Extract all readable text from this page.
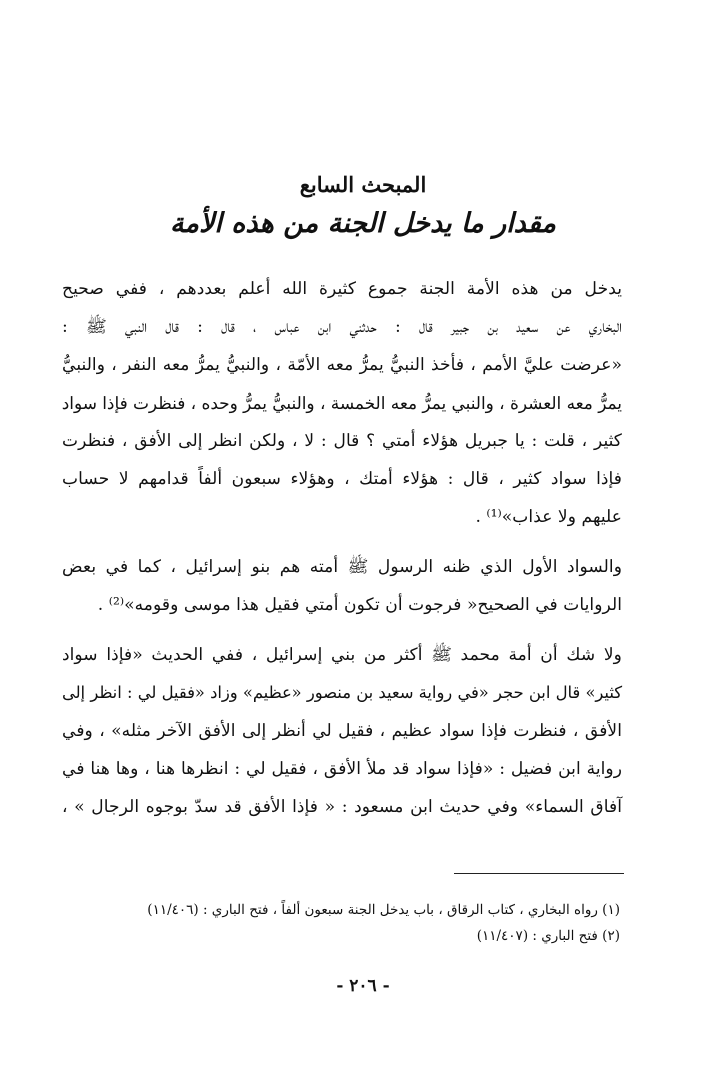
المبحث السابع
مقدار ما يدخل الجنة من هذه الأمة
يدخل من هذه الأمة الجنة جموع كثيرة الله أعلم بعددهم ، ففي صحيح
البخاري عن سعيد بن جبير قال : حدثني ابن عباس ، قال : قال النبي ﷺ :
«عرضت عليَّ الأمم ، فأخذ النبيُّ يمرُّ معه الأمّة ، والنبيُّ يمرُّ معه النفر ، والنبيُّ
يمرُّ معه العشرة ، والنبي يمرُّ معه الخمسة ، والنبيُّ يمرُّ وحده ، فنظرت فإذا سواد
كثير ، قلت : يا جبريل هؤلاء أمتي ؟ قال : لا ، ولكن انظر إلى الأفق ، فنظرت
فإذا سواد كثير ، قال : هؤلاء أمتك ، وهؤلاء سبعون ألفاً قدامهم لا حساب
عليهم ولا عذاب»⁽¹⁾ .
والسواد الأول الذي ظنه الرسول ﷺ أمته هم بنو إسرائيل ، كما في بعض
الروايات في الصحيح« فرجوت أن تكون أمتي فقيل هذا موسى وقومه»⁽²⁾ .
ولا شك أن أمة محمد ﷺ أكثر من بني إسرائيل ، ففي الحديث «فإذا سواد
كثير» قال ابن حجر «في رواية سعيد بن منصور «عظيم» وزاد «فقيل لي : انظر إلى
الأفق ، فنظرت فإذا سواد عظيم ، فقيل لي أنظر إلى الأفق الآخر مثله» ، وفي
رواية ابن فضيل : «فإذا سواد قد ملأ الأفق ، فقيل لي : انظرها هنا ، وها هنا في
آفاق السماء» وفي حديث ابن مسعود : « فإذا الأفق قد سدّ بوجوه الرجال » ،
(١) رواه البخاري ، كتاب الرقاق ، باب يدخل الجنة سبعون ألفاً ، فتح الباري : (١١/٤٠٦)
(٢) فتح الباري : (١١/٤٠٧)
- ٢٠٦ -
